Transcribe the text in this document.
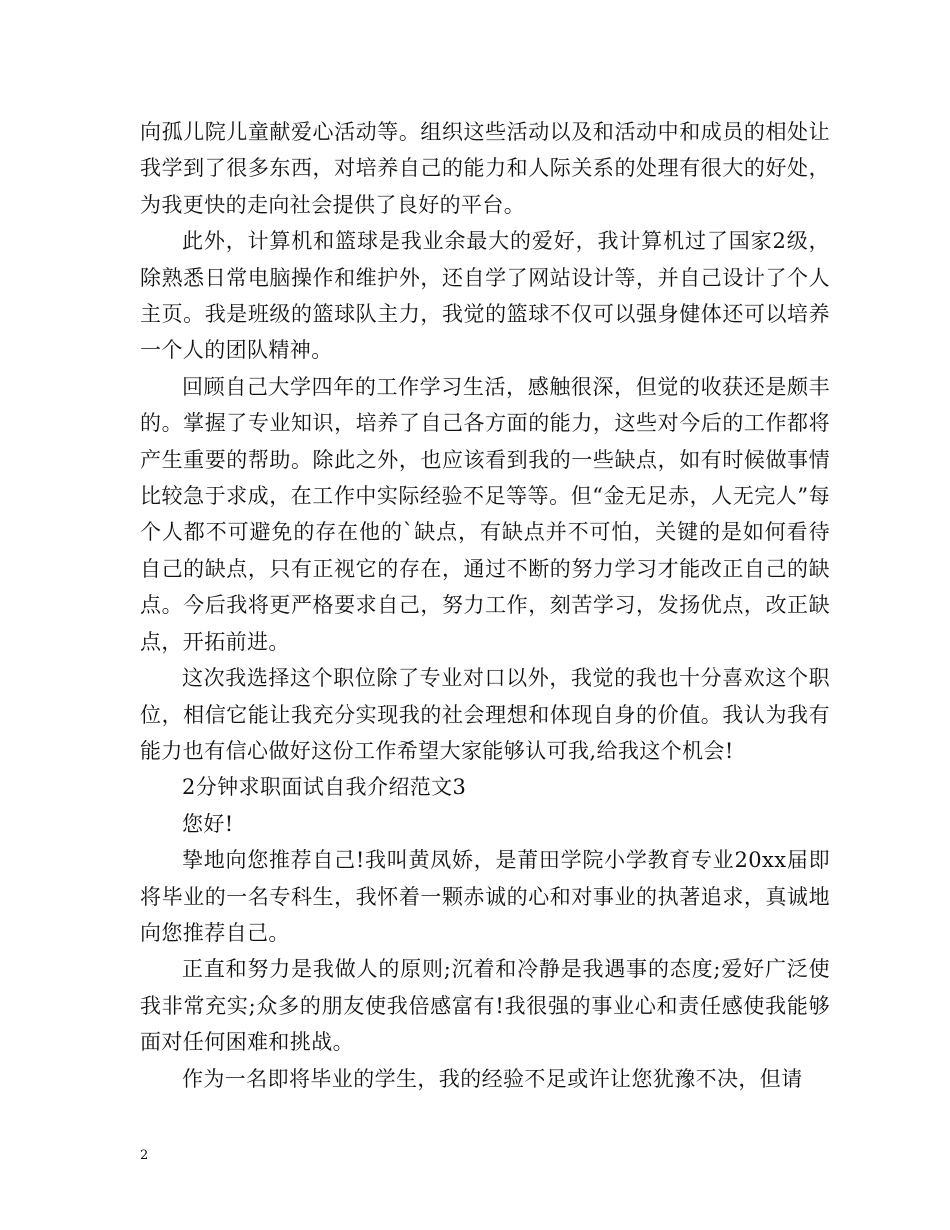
向孤儿院儿童献爱心活动等。组织这些活动以及和活动中和成员的相处让我学到了很多东西，对培养自己的能力和人际关系的处理有很大的好处，为我更快的走向社会提供了良好的平台。

此外，计算机和篮球是我业余最大的爱好，我计算机过了国家2级，除熟悉日常电脑操作和维护外，还自学了网站设计等，并自己设计了个人主页。我是班级的篮球队主力，我觉的篮球不仅可以强身健体还可以培养一个人的团队精神。

回顾自己大学四年的工作学习生活，感触很深，但觉的收获还是颇丰的。掌握了专业知识，培养了自己各方面的能力，这些对今后的工作都将产生重要的帮助。除此之外，也应该看到我的一些缺点，如有时候做事情比较急于求成，在工作中实际经验不足等等。但“金无足赤，人无完人”每个人都不可避免的存在他的`缺点，有缺点并不可怕，关键的是如何看待自己的缺点，只有正视它的存在，通过不断的努力学习才能改正自己的缺点。今后我将更严格要求自己，努力工作，刻苦学习，发扬优点，改正缺点，开拓前进。

这次我选择这个职位除了专业对口以外，我觉的我也十分喜欢这个职位，相信它能让我充分实现我的社会理想和体现自身的价值。我认为我有能力也有信心做好这份工作希望大家能够认可我,给我这个机会!

2分钟求职面试自我介绍范文3

您好!

挚地向您推荐自己!我叫黄凤娇，是莆田学院小学教育专业20xx届即将毕业的一名专科生，我怀着一颗赤诚的心和对事业的执著追求，真诚地向您推荐自己。

正直和努力是我做人的原则;沉着和冷静是我遇事的态度;爱好广泛使我非常充实;众多的朋友使我倍感富有!我很强的事业心和责任感使我能够面对任何困难和挑战。

作为一名即将毕业的学生，我的经验不足或许让您犹豫不决，但请

2
